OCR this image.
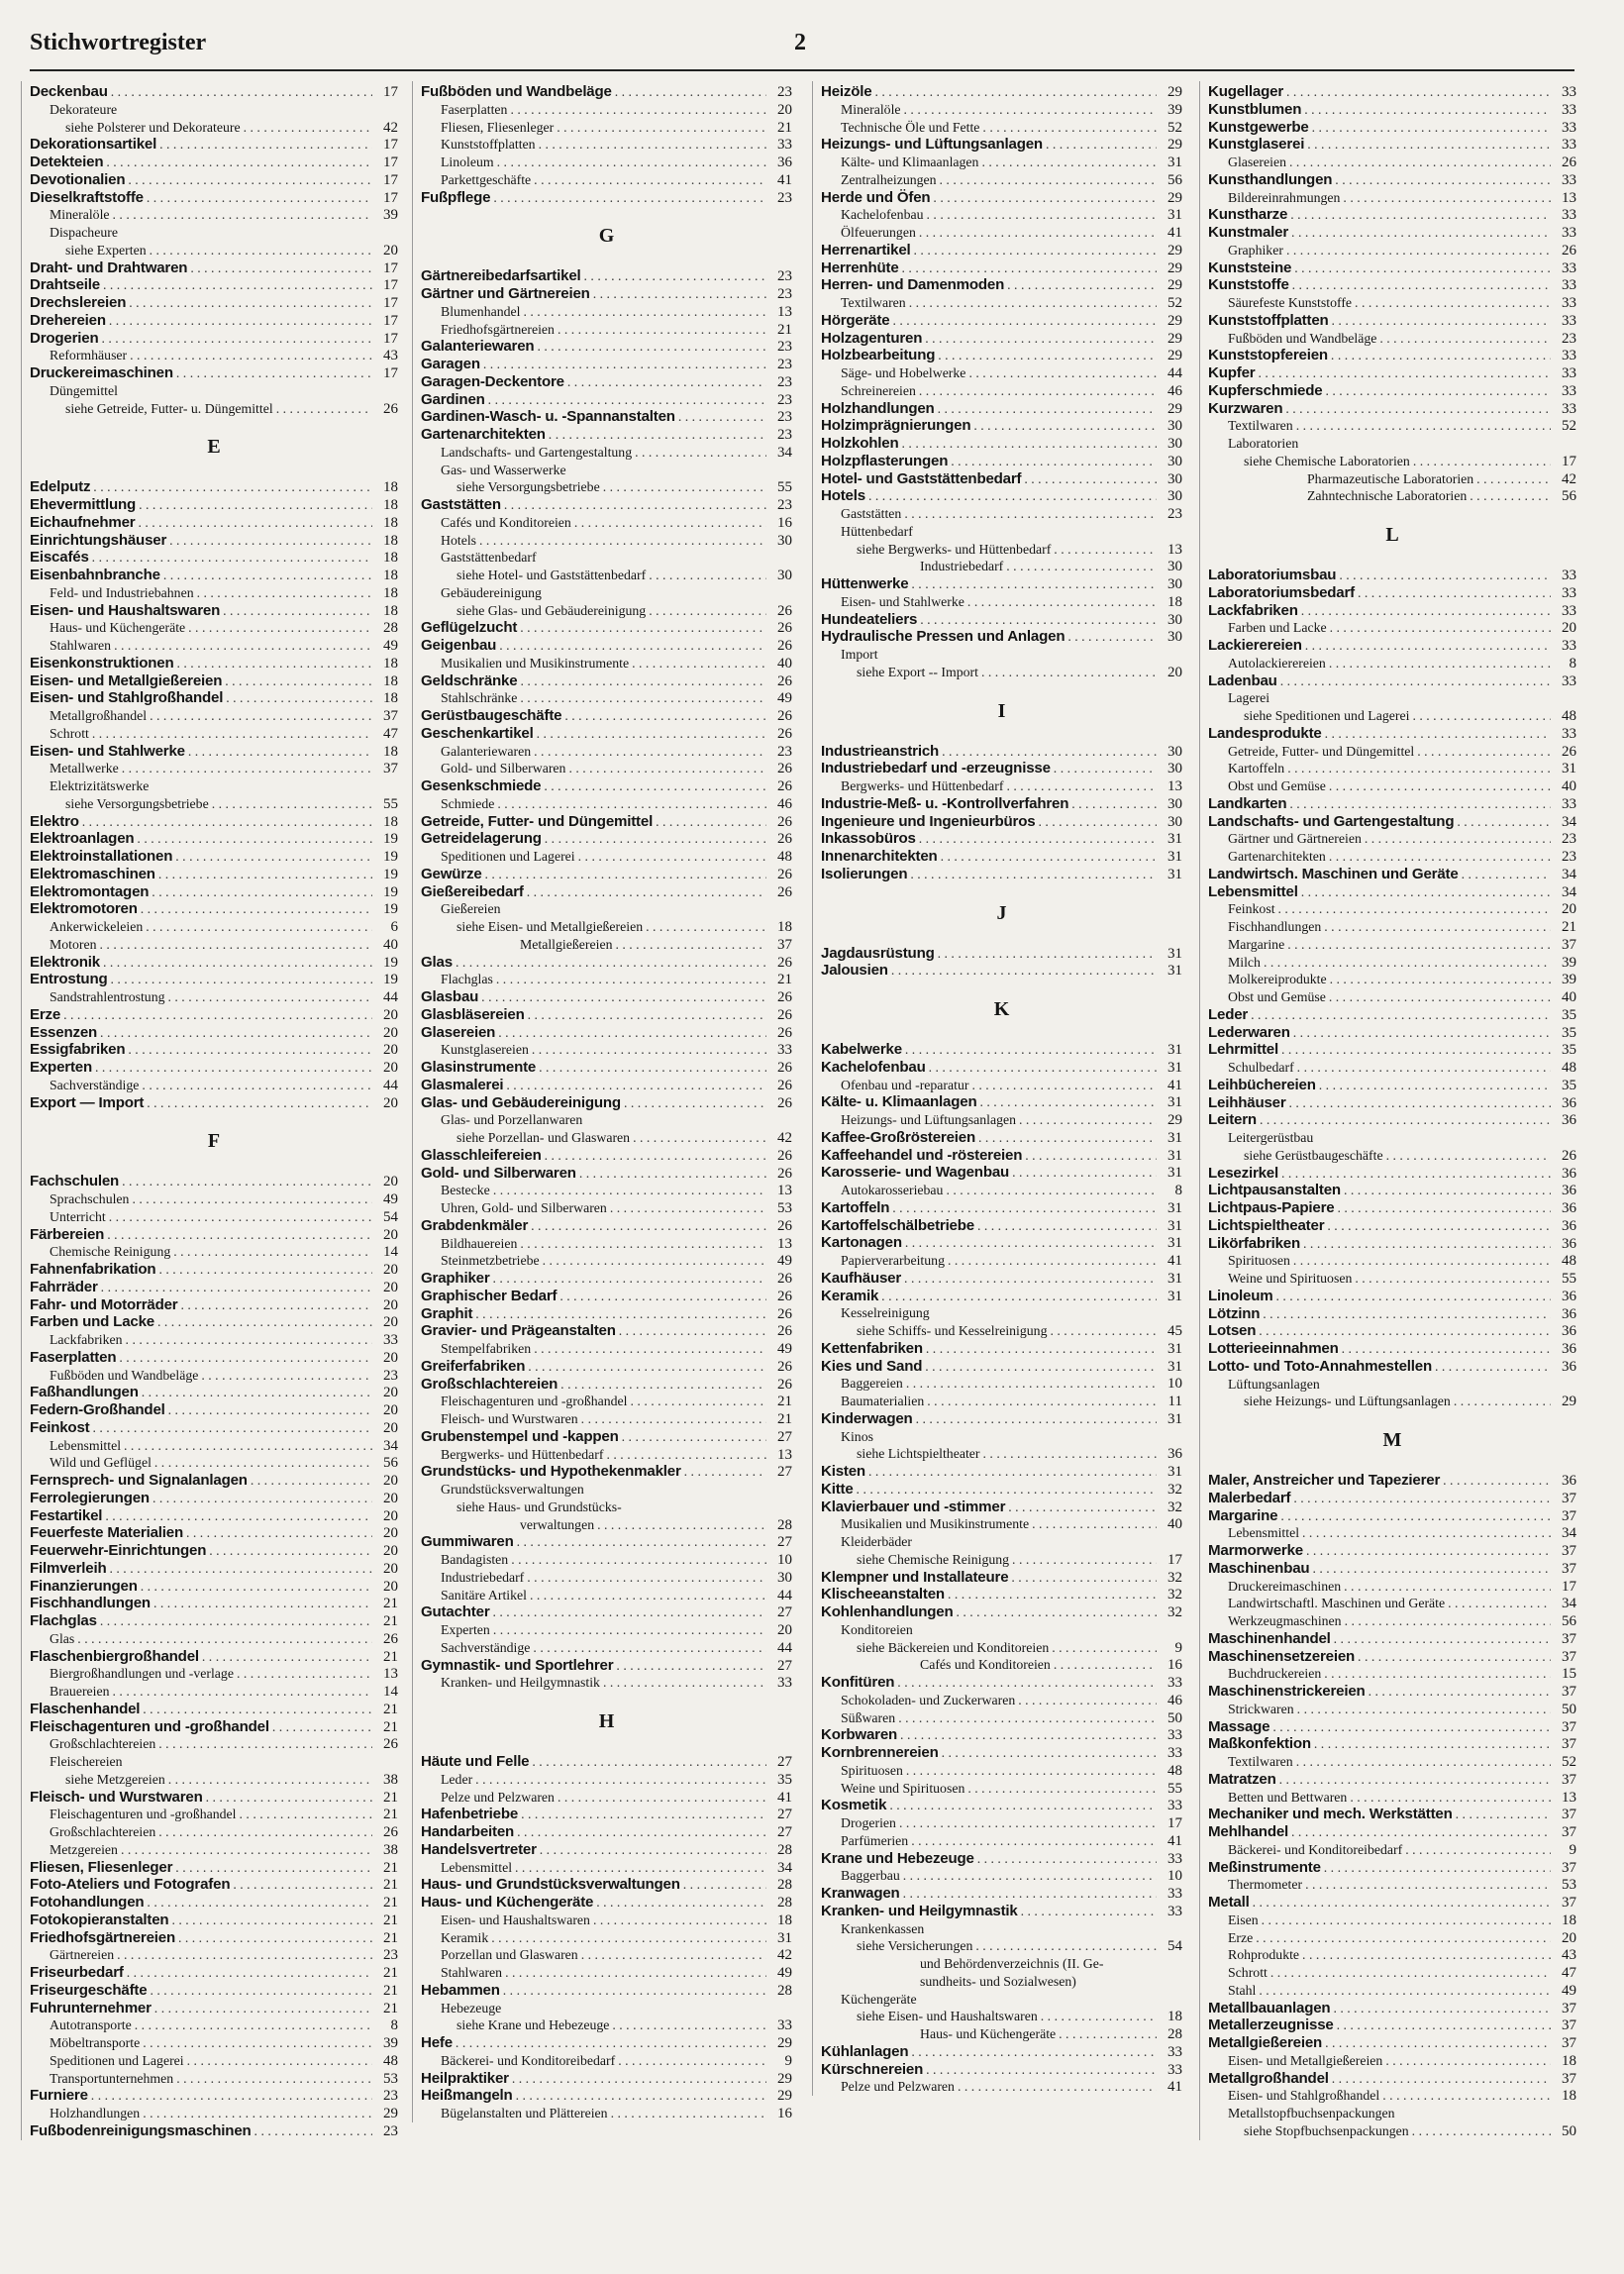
Stichwortregister	2
Deckenbau . . .	17
Dekorateure
siehe Polsterer und Dekorateure . . .	42
Dekorationsartikel . . .	17
Detekteien . . .	17
Devotionalien . . .	17
Dieselkraftstoffe . . .	17
Mineralöle . . .	39
Dispacheure
siehe Experten . . .	20
Draht- und Drahtwaren . . .	17
Drahtseile . . .	17
Drechslereien . . .	17
Drehereien . . .	17
Drogerien . . .	17
Reformhäuser . . .	43
Druckereimaschinen . . .	17
Düngemittel
siehe Getreide, Futter- u. Düngemittel . . .	26
E
Edelputz . . .	18
Ehevermittlung . . .	18
Eichaufnehmer . . .	18
Einrichtungshäuser . . .	18
Eiscafés . . .	18
Eisenbahnbranche . . .	18
Feld- und Industriebahnen . . .	18
Eisen- und Haushaltswaren . . .	18
Haus- und Küchengeräte . . .	28
Stahlwaren . . .	49
Eisenkonstruktionen . . .	18
Eisen- und Metallgießereien . . .	18
Eisen- und Stahlgroßhandel . . .	18
Metallgroßhandel . . .	37
Schrott . . .	47
Eisen- und Stahlwerke . . .	18
Metallwerke . . .	37
Elektrizitätswerke
siehe Versorgungsbetriebe . . .	55
Elektro . . .	18
Elektroanlagen . . .	19
Elektroinstallationen . . .	19
Elektromaschinen . . .	19
Elektromontagen . . .	19
Elektromotoren . . .	19
Ankerwickeleien . . .	6
Motoren . . .	40
Elektronik . . .	19
Entrostung . . .	19
Sandstrahlentrostung . . .	44
Erze . . .	20
Essenzen . . .	20
Essigfabriken . . .	20
Experten . . .	20
Sachverständige . . .	44
Export — Import . . .	20
F
Fachschulen . . .	20
Sprachschulen . . .	49
Unterricht . . .	54
Färbereien . . .	20
Chemische Reinigung . . .	14
Fahnenfabrikation . . .	20
Fahrräder . . .	20
Fahr- und Motorräder . . .	20
Farben und Lacke . . .	20
Lackfabriken . . .	33
Faserplatten . . .	20
Fußböden und Wandbeläge . . .	23
Faßhandlungen . . .	20
Federn-Großhandel . . .	20
Feinkost . . .	20
Lebensmittel . . .	34
Wild und Geflügel . . .	56
Fernsprech- und Signalanlagen . . .	20
Ferrolegierungen . . .	20
Festartikel . . .	20
Feuerfeste Materialien . . .	20
Feuerwehr-Einrichtungen . . .	20
Filmverleih . . .	20
Finanzierungen . . .	20
Fischhandlungen . . .	21
Flachglas . . .	21
Glas . . .	26
Flaschenbiergroßhandel . . .	21
Biergroßhandlungen und -verlage . . .	13
Brauereien . . .	14
Flaschenhandel . . .	21
Fleischagenturen und -großhandel . . .	21
Großschlachtereien . . .	26
Fleischereien
siehe Metzgereien . . .	38
Fleisch- und Wurstwaren . . .	21
Fleischagenturen und -großhandel . . .	21
Großschlachtereien . . .	26
Metzgereien . . .	38
Fliesen, Fliesenleger . . .	21
Foto-Ateliers und Fotografen . . .	21
Fotohandlungen . . .	21
Fotokopieranstalten . . .	21
Friedhofsgärtnereien . . .	21
Gärtnereien . . .	23
Friseurbedarf . . .	21
Friseurgeschäfte . . .	21
Fuhrunternehmer . . .	21
Autotransporte . . .	8
Möbeltransporte . . .	39
Speditionen und Lagerei . . .	48
Transportunternehmen . . .	53
Furniere . . .	23
Holzhandlungen . . .	29
Fußbodenreinigungsmaschinen . . .	23
Fußböden und Wandbeläge . . .	23
Faserplatten . . .	20
Fliesen, Fliesenleger . . .	21
Kunststoffplatten . . .	33
Linoleum . . .	36
Parkettgeschäfte . . .	41
Fußpflege . . .	23
G
Gärtnereibedarfsartikel . . .	23
Gärtner und Gärtnereien . . .	23
Blumenhandel . . .	13
Friedhofsgärtnereien . . .	21
Galanteriewaren . . .	23
Garagen . . .	23
Garagen-Deckentore . . .	23
Gardinen . . .	23
Gardinen-Wasch- u. -Spannanstalten . . .	23
Gartenarchitekten . . .	23
Landschafts- und Gartengestaltung . . .	34
Gas- und Wasserwerke
siehe Versorgungsbetriebe . . .	55
Gaststätten . . .	23
Cafés und Konditoreien . . .	16
Hotels . . .	30
Gaststättenbedarf
siehe Hotel- und Gaststättenbedarf . . .	30
Gebäudereinigung
siehe Glas- und Gebäudereinigung . . .	26
Geflügelzucht . . .	26
Geigenbau . . .	26
Musikalien und Musikinstrumente . . .	40
Geldschränke . . .	26
Stahlschränke . . .	49
Gerüstbaugeschäfte . . .	26
Geschenkartikel . . .	26
Galanteriewaren . . .	23
Gold- und Silberwaren . . .	26
Gesenkschmiede . . .	26
Schmiede . . .	46
Getreide, Futter- und Düngemittel . . .	26
Getreidelagerung . . .	26
Speditionen und Lagerei . . .	48
Gewürze . . .	26
Gießereibedarf . . .	26
Gießereien
siehe Eisen- und Metallgießereien . . .	18
Metallgießereien . . .	37
Glas . . .	26
Flachglas . . .	21
Glasbau . . .	26
Glasbläsereien . . .	26
Glasereien . . .	26
Kunstglasereien . . .	33
Glasinstrumente . . .	26
Glasmalerei . . .	26
Glas- und Gebäudereinigung . . .	26
Glas- und Porzellanwaren
siehe Porzellan- und Glaswaren . . .	42
Glasschleifereien . . .	26
Gold- und Silberwaren . . .	26
Bestecke . . .	13
Uhren, Gold- und Silberwaren . . .	53
Grabdenkmäler . . .	26
Bildhauereien . . .	13
Steinmetzbetriebe . . .	49
Graphiker . . .	26
Graphischer Bedarf . . .	26
Graphit . . .	26
Gravier- und Prägeanstalten . . .	26
Stempelfabriken . . .	49
Greiferfabriken . . .	26
Großschlachtereien . . .	26
Fleischagenturen und -großhandel . . .	21
Fleisch- und Wurstwaren . . .	21
Grubenstempel und -kappen . . .	27
Bergwerks- und Hüttenbedarf . . .	13
Grundstücks- und Hypothekenmakler . . .	27
Grundstücksverwaltungen
siehe Haus- und Grundstücks-
verwaltungen . . .	28
Gummiwaren . . .	27
Bandagisten . . .	10
Industriebedarf . . .	30
Sanitäre Artikel . . .	44
Gutachter . . .	27
Experten . . .	20
Sachverständige . . .	44
Gymnastik- und Sportlehrer . . .	27
Kranken- und Heilgymnastik . . .	33
H
Häute und Felle . . .	27
Leder . . .	35
Pelze und Pelzwaren . . .	41
Hafenbetriebe . . .	27
Handarbeiten . . .	27
Handelsvertreter . . .	28
Lebensmittel . . .	34
Haus- und Grundstücksverwaltungen . . .	28
Haus- und Küchengeräte . . .	28
Eisen- und Haushaltswaren . . .	18
Keramik . . .	31
Porzellan und Glaswaren . . .	42
Stahlwaren . . .	49
Hebammen . . .	28
Hebezeuge
siehe Krane und Hebezeuge . . .	33
Hefe . . .	29
Bäckerei- und Konditoreibedarf . . .	9
Heilpraktiker . . .	29
Heißmangeln . . .	29
Bügelanstalten und Plättereien . . .	16
Heizöle . . .	29
Mineralöle . . .	39
Technische Öle und Fette . . .	52
Heizungs- und Lüftungsanlagen . . .	29
Kälte- und Klimaanlagen . . .	31
Zentralheizungen . . .	56
Herde und Öfen . . .	29
Kachelofenbau . . .	31
Ölfeuerungen . . .	41
Herrenartikel . . .	29
Herrenhüte . . .	29
Herren- und Damenmoden . . .	29
Textilwaren . . .	52
Hörgeräte . . .	29
Holzagenturen . . .	29
Holzbearbeitung . . .	29
Säge- und Hobelwerke . . .	44
Schreinereien . . .	46
Holzhandlungen . . .	29
Holzimprägnierungen . . .	30
Holzkohlen . . .	30
Holzpflasterungen . . .	30
Hotel- und Gaststättenbedarf . . .	30
Hotels . . .	30
Gaststätten . . .	23
Hüttenbedarf
siehe Bergwerks- und Hüttenbedarf . . .	13
Industriebedarf . . .	30
Hüttenwerke . . .	30
Eisen- und Stahlwerke . . .	18
Hundeateliers . . .	30
Hydraulische Pressen und Anlagen . . .	30
Import
siehe Export -- Import . . .	20
I
Industrieanstrich . . .	30
Industriebedarf und -erzeugnisse . . .	30
Bergwerks- und Hüttenbedarf . . .	13
Industrie-Meß- u. -Kontrollverfahren . . .	30
Ingenieure und Ingenieurbüros . . .	30
Inkassobüros . . .	31
Innenarchitekten . . .	31
Isolierungen . . .	31
J
Jagdausrüstung . . .	31
Jalousien . . .	31
K
Kabelwerke . . .	31
Kachelofenbau . . .	31
Ofenbau und -reparatur . . .	41
Kälte- u. Klimaanlagen . . .	31
Heizungs- und Lüftungsanlagen . . .	29
Kaffee-Großröstereien . . .	31
Kaffeehandel und -röstereien . . .	31
Karosserie- und Wagenbau . . .	31
Autokarosseriebau . . .	8
Kartoffeln . . .	31
Kartoffelschälbetriebe . . .	31
Kartonagen . . .	31
Papierverarbeitung . . .	41
Kaufhäuser . . .	31
Keramik . . .	31
Kesselreinigung
siehe Schiffs- und Kesselreinigung . . .	45
Kettenfabriken . . .	31
Kies und Sand . . .	31
Baggereien . . .	10
Baumaterialien . . .	11
Kinderwagen . . .	31
Kinos
siehe Lichtspieltheater . . .	36
Kisten . . .	31
Kitte . . .	32
Klavierbauer und -stimmer . . .	32
Musikalien und Musikinstrumente . . .	40
Kleiderbäder
siehe Chemische Reinigung . . .	17
Klempner und Installateure . . .	32
Klischeeanstalten . . .	32
Kohlenhandlungen . . .	32
Konditoreien
siehe Bäckereien und Konditoreien . . .	9
Cafés und Konditoreien . . .	16
Konfitüren . . .	33
Schokoladen- und Zuckerwaren . . .	46
Süßwaren . . .	50
Korbwaren . . .	33
Kornbrennereien . . .	33
Spirituosen . . .	48
Weine und Spirituosen . . .	55
Kosmetik . . .	33
Drogerien . . .	17
Parfümerien . . .	41
Krane und Hebezeuge . . .	33
Baggerbau . . .	10
Kranwagen . . .	33
Kranken- und Heilgymnastik . . .	33
Krankenkassen
siehe Versicherungen . . .	54
und Behördenverzeichnis (II. Ge-
sundheits- und Sozialwesen)
Küchengeräte
siehe Eisen- und Haushaltswaren . . .	18
Haus- und Küchengeräte . . .	28
Kühlanlagen . . .	33
Kürschnereien . . .	33
Pelze und Pelzwaren . . .	41
Kugellager . . .	33
Kunstblumen . . .	33
Kunstgewerbe . . .	33
Kunstglaserei . . .	33
Glasereien . . .	26
Kunsthandlungen . . .	33
Bildereinrahmungen . . .	13
Kunstharze . . .	33
Kunstmaler . . .	33
Graphiker . . .	26
Kunststeine . . .	33
Kunststoffe . . .	33
Säurefeste Kunststoffe . . .	33
Kunststoffplatten . . .	33
Fußböden und Wandbeläge . . .	23
Kunststopfereien . . .	33
Kupfer . . .	33
Kupferschmiede . . .	33
Kurzwaren . . .	33
Textilwaren . . .	52
Laboratorien
siehe Chemische Laboratorien . . .	17
Pharmazeutische Laboratorien . . .	42
Zahntechnische Laboratorien . . .	56
L
Laboratoriumsbau . . .	33
Laboratoriumsbedarf . . .	33
Lackfabriken . . .	33
Farben und Lacke . . .	20
Lackierereien . . .	33
Autolackierereien . . .	8
Ladenbau . . .	33
Lagerei
siehe Speditionen und Lagerei . . .	48
Landesprodukte . . .	33
Getreide, Futter- und Düngemittel . . .	26
Kartoffeln . . .	31
Obst und Gemüse . . .	40
Landkarten . . .	33
Landschafts- und Gartengestaltung . . .	34
Gärtner und Gärtnereien . . .	23
Gartenarchitekten . . .	23
Landwirtsch. Maschinen und Geräte . . .	34
Lebensmittel . . .	34
Feinkost . . .	20
Fischhandlungen . . .	21
Margarine . . .	37
Milch . . .	39
Molkereiprodukte . . .	39
Obst und Gemüse . . .	40
Leder . . .	35
Lederwaren . . .	35
Lehrmittel . . .	35
Schulbedarf . . .	48
Leihbüchereien . . .	35
Leihhäuser . . .	36
Leitern . . .	36
Leitergerüstbau
siehe Gerüstbaugeschäfte . . .	26
Lesezirkel . . .	36
Lichtpausanstalten . . .	36
Lichtpaus-Papiere . . .	36
Lichtspieltheater . . .	36
Likörfabriken . . .	36
Spirituosen . . .	48
Weine und Spirituosen . . .	55
Linoleum . . .	36
Lötzinn . . .	36
Lotsen . . .	36
Lotterieeinnahmen . . .	36
Lotto- und Toto-Annahmestellen . . .	36
Lüftungsanlagen
siehe Heizungs- und Lüftungsanlagen . . .	29
M
Maler, Anstreicher und Tapezierer . . .	36
Malerbedarf . . .	37
Margarine . . .	37
Lebensmittel . . .	34
Marmorwerke . . .	37
Maschinenbau . . .	37
Druckereimaschinen . . .	17
Landwirtschaftl. Maschinen und Geräte . . .	34
Werkzeugmaschinen . . .	56
Maschinenhandel . . .	37
Maschinensetzereien . . .	37
Buchdruckereien . . .	15
Maschinenstrickereien . . .	37
Strickwaren . . .	50
Massage . . .	37
Maßkonfektion . . .	37
Textilwaren . . .	52
Matratzen . . .	37
Betten und Bettwaren . . .	13
Mechaniker und mech. Werkstätten . . .	37
Mehlhandel . . .	37
Bäckerei- und Konditoreibedarf . . .	9
Meßinstrumente . . .	37
Thermometer . . .	53
Metall . . .	37
Eisen . . .	18
Erze . . .	20
Rohprodukte . . .	43
Schrott . . .	47
Stahl . . .	49
Metallbauanlagen . . .	37
Metallerzeugnisse . . .	37
Metallgießereien . . .	37
Eisen- und Metallgießereien . . .	18
Metallgroßhandel . . .	37
Eisen- und Stahlgroßhandel . . .	18
Metallstopfbuchsenpackungen
siehe Stopfbuchsenpackungen . . .	50
